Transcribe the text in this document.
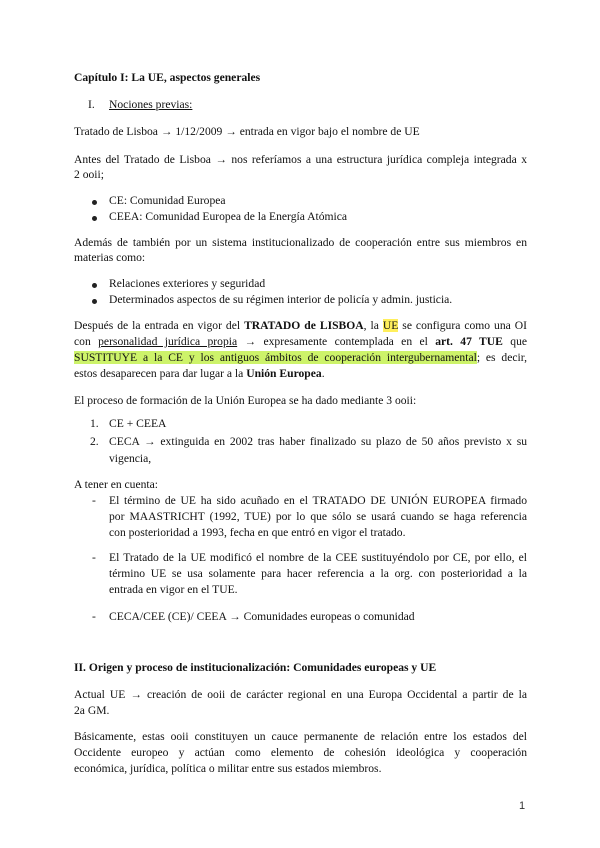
Capítulo I: La UE, aspectos generales
I. Nociones previas:
Tratado de Lisboa → 1/12/2009 → entrada en vigor bajo el nombre de UE
Antes del Tratado de Lisboa → nos referíamos a una estructura jurídica compleja integrada x
2 ooii;
CE: Comunidad Europea
CEEA: Comunidad Europea de la Energía Atómica
Además de también por un sistema institucionalizado de cooperación entre sus miembros en
materias como:
Relaciones exteriores y seguridad
Determinados aspectos de su régimen interior de policía y admin. justicia.
Después de la entrada en vigor del TRATADO de LISBOA, la UE se configura como una OI
con personalidad jurídica propia → expresamente contemplada en el art. 47 TUE que
SUSTITUYE a la CE y los antiguos ámbitos de cooperación intergubernamental; es decir,
estos desaparecen para dar lugar a la Unión Europea.
El proceso de formación de la Unión Europea se ha dado mediante 3 ooii:
1. CE + CEEA
2. CECA → extinguida en 2002 tras haber finalizado su plazo de 50 años previsto x su
vigencia,
A tener en cuenta:
- El término de UE ha sido acuñado en el TRATADO DE UNIÓN EUROPEA firmado
por MAASTRICHT (1992, TUE) por lo que sólo se usará cuando se haga referencia
con posterioridad a 1993, fecha en que entró en vigor el tratado.
- El Tratado de la UE modificó el nombre de la CEE sustituyéndolo por CE, por ello, el
término UE se usa solamente para hacer referencia a la org. con posterioridad a la
entrada en vigor en el TUE.
- CECA/CEE (CE)/ CEEA → Comunidades europeas o comunidad
II. Origen y proceso de institucionalización: Comunidades europeas y UE
Actual UE → creación de ooii de carácter regional en una Europa Occidental a partir de la
2a GM.
Básicamente, estas ooii constituyen un cauce permanente de relación entre los estados del
Occidente europeo y actúan como elemento de cohesión ideológica y cooperación
económica, jurídica, política o militar entre sus estados miembros.
1
